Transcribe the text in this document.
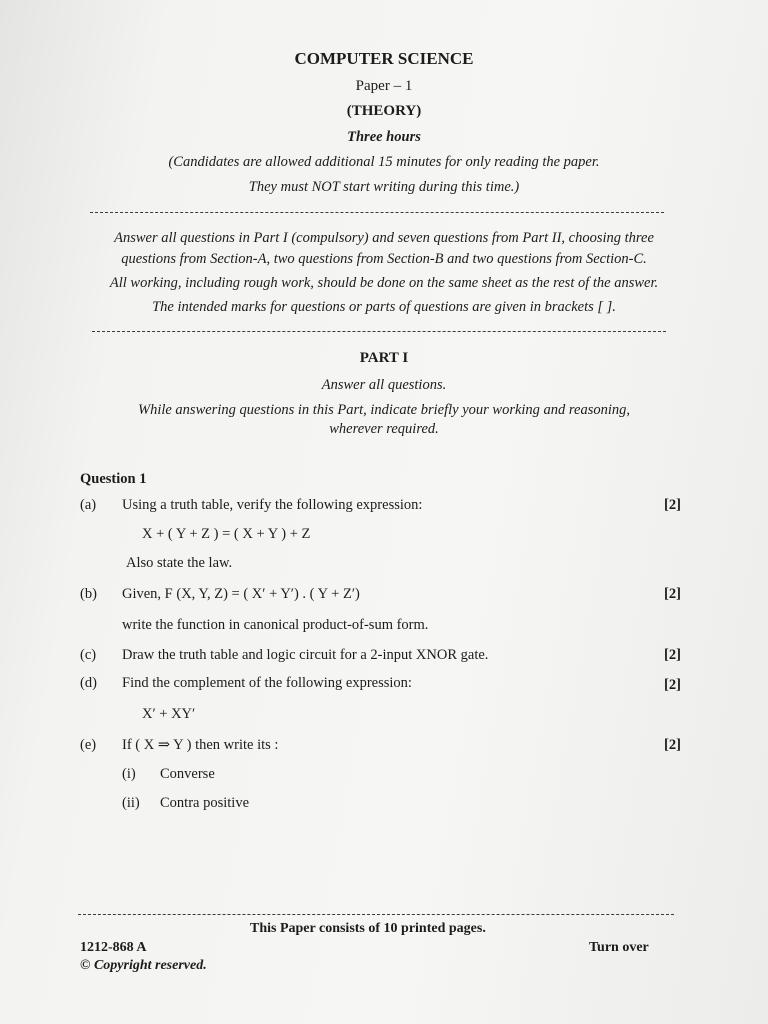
COMPUTER SCIENCE
Paper – 1
(THEORY)
Three hours
(Candidates are allowed additional 15 minutes for only reading the paper.
They must NOT start writing during this time.)
Answer all questions in Part I (compulsory) and seven questions from Part II, choosing three
questions from Section-A, two questions from Section-B and two questions from Section-C.
All working, including rough work, should be done on the same sheet as the rest of the answer.
The intended marks for questions or parts of questions are given in brackets [ ].
PART I
Answer all questions.
While answering questions in this Part, indicate briefly your working and reasoning,
wherever required.
Question 1
(a) Using a truth table, verify the following expression:	[2]
X + ( Y + Z ) = ( X + Y ) + Z
Also state the law.
(b) Given, F (X, Y, Z) = ( X′ + Y′) . ( Y + Z′)	[2]
write the function in canonical product-of-sum form.
(c) Draw the truth table and logic circuit for a 2-input XNOR gate.	[2]
(d) Find the complement of the following expression:	[2]
X′ + XY′
(e) If ( X ⇒ Y ) then write its :	[2]
(i) Converse
(ii) Contra positive
This Paper consists of 10 printed pages.
1212-868 A	Turn over
© Copyright reserved.
